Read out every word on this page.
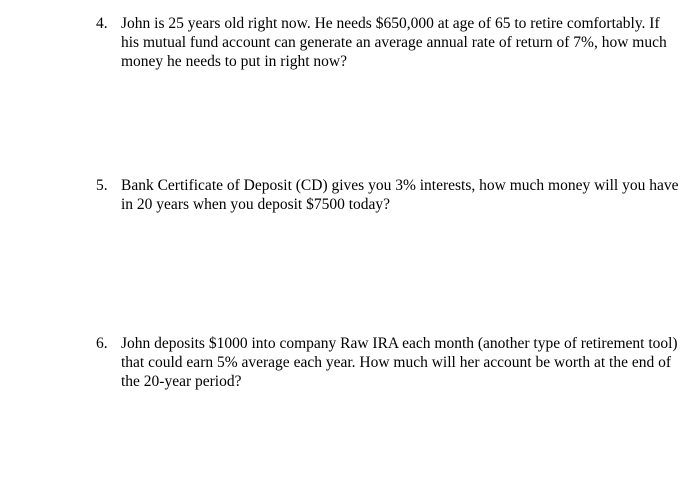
4. John is 25 years old right now. He needs $650,000 at age of 65 to retire comfortably. If
his mutual fund account can generate an average annual rate of return of 7%, how much
money he needs to put in right now?
5. Bank Certificate of Deposit (CD) gives you 3% interests, how much money will you have
in 20 years when you deposit $7500 today?
6. John deposits $1000 into company Raw IRA each month (another type of retirement tool)
that could earn 5% average each year. How much will her account be worth at the end of
the 20-year period?
